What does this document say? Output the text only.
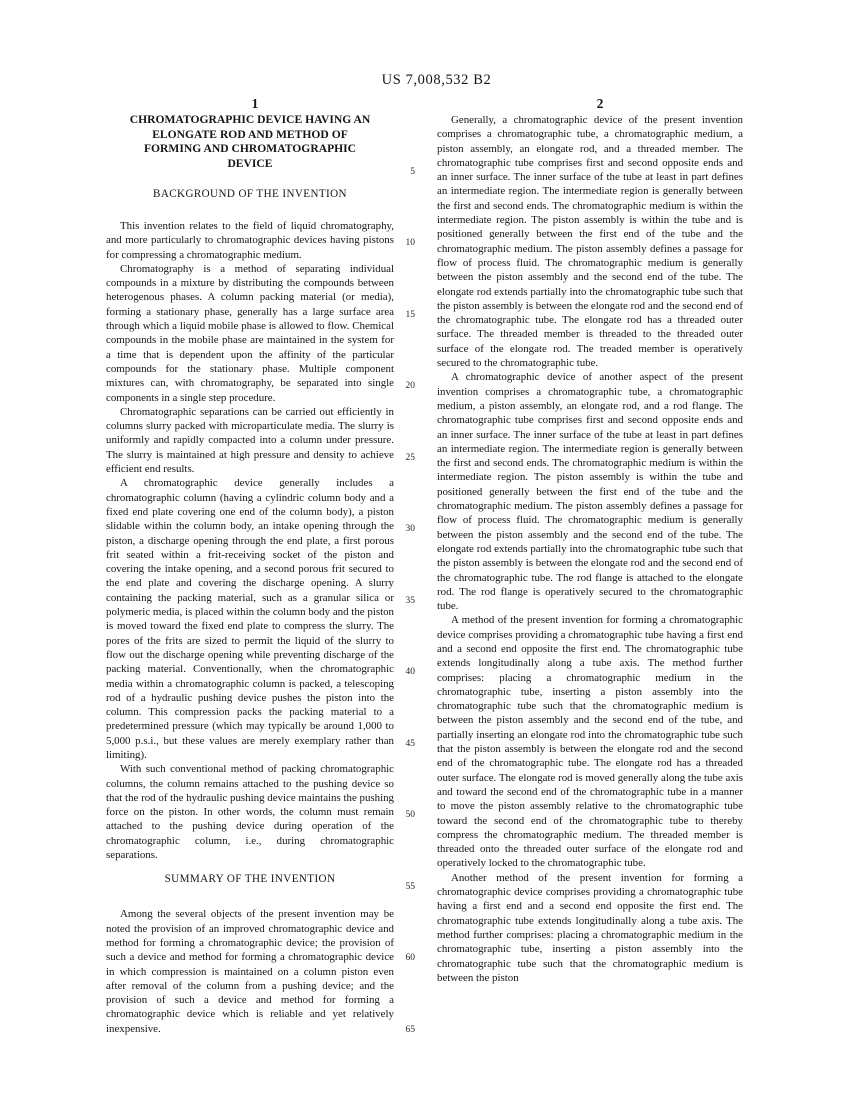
US 7,008,532 B2
1	2
5
10
15
20
25
30
35
40
45
50
55
60
65
CHROMATOGRAPHIC DEVICE HAVING AN
ELONGATE ROD AND METHOD OF
FORMING AND CHROMATOGRAPHIC
DEVICE
BACKGROUND OF THE INVENTION

This invention relates to the field of liquid chromatography, and more particularly to chromatographic devices having pistons for compressing a chromatographic medium.

Chromatography is a method of separating individual compounds in a mixture by distributing the compounds between heterogenous phases. A column packing material (or media), forming a stationary phase, generally has a large surface area through which a liquid mobile phase is allowed to flow. Chemical compounds in the mobile phase are maintained in the system for a time that is dependent upon the affinity of the particular compounds for the stationary phase. Multiple component mixtures can, with chromatography, be separated into single components in a single step procedure.

Chromatographic separations can be carried out efficiently in columns slurry packed with microparticulate media. The slurry is uniformly and rapidly compacted into a column under pressure. The slurry is maintained at high pressure and density to achieve efficient end results.

A chromatographic device generally includes a chromatographic column (having a cylindric column body and a fixed end plate covering one end of the column body), a piston slidable within the column body, an intake opening through the piston, a discharge opening through the end plate, a first porous frit seated within a frit-receiving socket of the piston and covering the intake opening, and a second porous frit secured to the end plate and covering the discharge opening. A slurry containing the packing material, such as a granular silica or polymeric media, is placed within the column body and the piston is moved toward the fixed end plate to compress the slurry. The pores of the frits are sized to permit the liquid of the slurry to flow out the discharge opening while preventing discharge of the packing material. Conventionally, when the chromatographic media within a chromatographic column is packed, a telescoping rod of a hydraulic pushing device pushes the piston into the column. This compression packs the packing material to a predetermined pressure (which may typically be around 1,000 to 5,000 p.s.i., but these values are merely exemplary rather than limiting).

With such conventional method of packing chromatographic columns, the column remains attached to the pushing device so that the rod of the hydraulic pushing device maintains the pushing force on the piston. In other words, the column must remain attached to the pushing device during operation of the chromatographic column, i.e., during chromatographic separations.

SUMMARY OF THE INVENTION

Among the several objects of the present invention may be noted the provision of an improved chromatographic device and method for forming a chromatographic device; the provision of such a device and method for forming a chromatographic device in which compression is maintained on a column piston even after removal of the column from a pushing device; and the provision of such a device and method for forming a chromatographic device which is reliable and yet relatively inexpensive.

Generally, a chromatographic device of the present invention comprises a chromatographic tube, a chromatographic medium, a piston assembly, an elongate rod, and a threaded member. The chromatographic tube comprises first and second opposite ends and an inner surface. The inner surface of the tube at least in part defines an intermediate region. The intermediate region is generally between the first and second ends. The chromatographic medium is within the intermediate region. The piston assembly is within the tube and is positioned generally between the first end of the tube and the chromatographic medium. The piston assembly defines a passage for flow of process fluid. The chromatographic medium is generally between the piston assembly and the second end of the tube. The elongate rod extends partially into the chromatographic tube such that the piston assembly is between the elongate rod and the second end of the chromatographic tube. The elongate rod has a threaded outer surface. The threaded member is threaded to the threaded outer surface of the elongate rod. The treaded member is operatively secured to the chromatographic tube.

A chromatographic device of another aspect of the present invention comprises a chromatographic tube, a chromatographic medium, a piston assembly, an elongate rod, and a rod flange. The chromatographic tube comprises first and second opposite ends and an inner surface. The inner surface of the tube at least in part defines an intermediate region. The intermediate region is generally between the first and second ends. The chromatographic medium is within the intermediate region. The piston assembly is within the tube and positioned generally between the first end of the tube and the chromatographic medium. The piston assembly defines a passage for flow of process fluid. The chromatographic medium is generally between the piston assembly and the second end of the tube. The elongate rod extends partially into the chromatographic tube such that the piston assembly is between the elongate rod and the second end of the chromatographic tube. The rod flange is attached to the elongate rod. The rod flange is operatively secured to the chromatographic tube.

A method of the present invention for forming a chromatographic device comprises providing a chromatographic tube having a first end and a second end opposite the first end. The chromatographic tube extends longitudinally along a tube axis. The method further comprises: placing a chromatographic medium in the chromatographic tube, inserting a piston assembly into the chromatographic tube such that the chromatographic medium is between the piston assembly and the second end of the tube, and partially inserting an elongate rod into the chromatographic tube such that the piston assembly is between the elongate rod and the second end of the chromatographic tube. The elongate rod has a threaded outer surface. The elongate rod is moved generally along the tube axis and toward the second end of the chromatographic tube in a manner to move the piston assembly relative to the chromatographic tube toward the second end of the chromatographic tube to thereby compress the chromatographic medium. The threaded member is threaded onto the threaded outer surface of the elongate rod and operatively locked to the chromatographic tube.

Another method of the present invention for forming a chromatographic device comprises providing a chromatographic tube having a first end and a second end opposite the first end. The chromatographic tube extends longitudinally along a tube axis. The method further comprises: placing a chromatographic medium in the chromatographic tube, inserting a piston assembly into the chromatographic tube such that the chromatographic medium is between the piston
